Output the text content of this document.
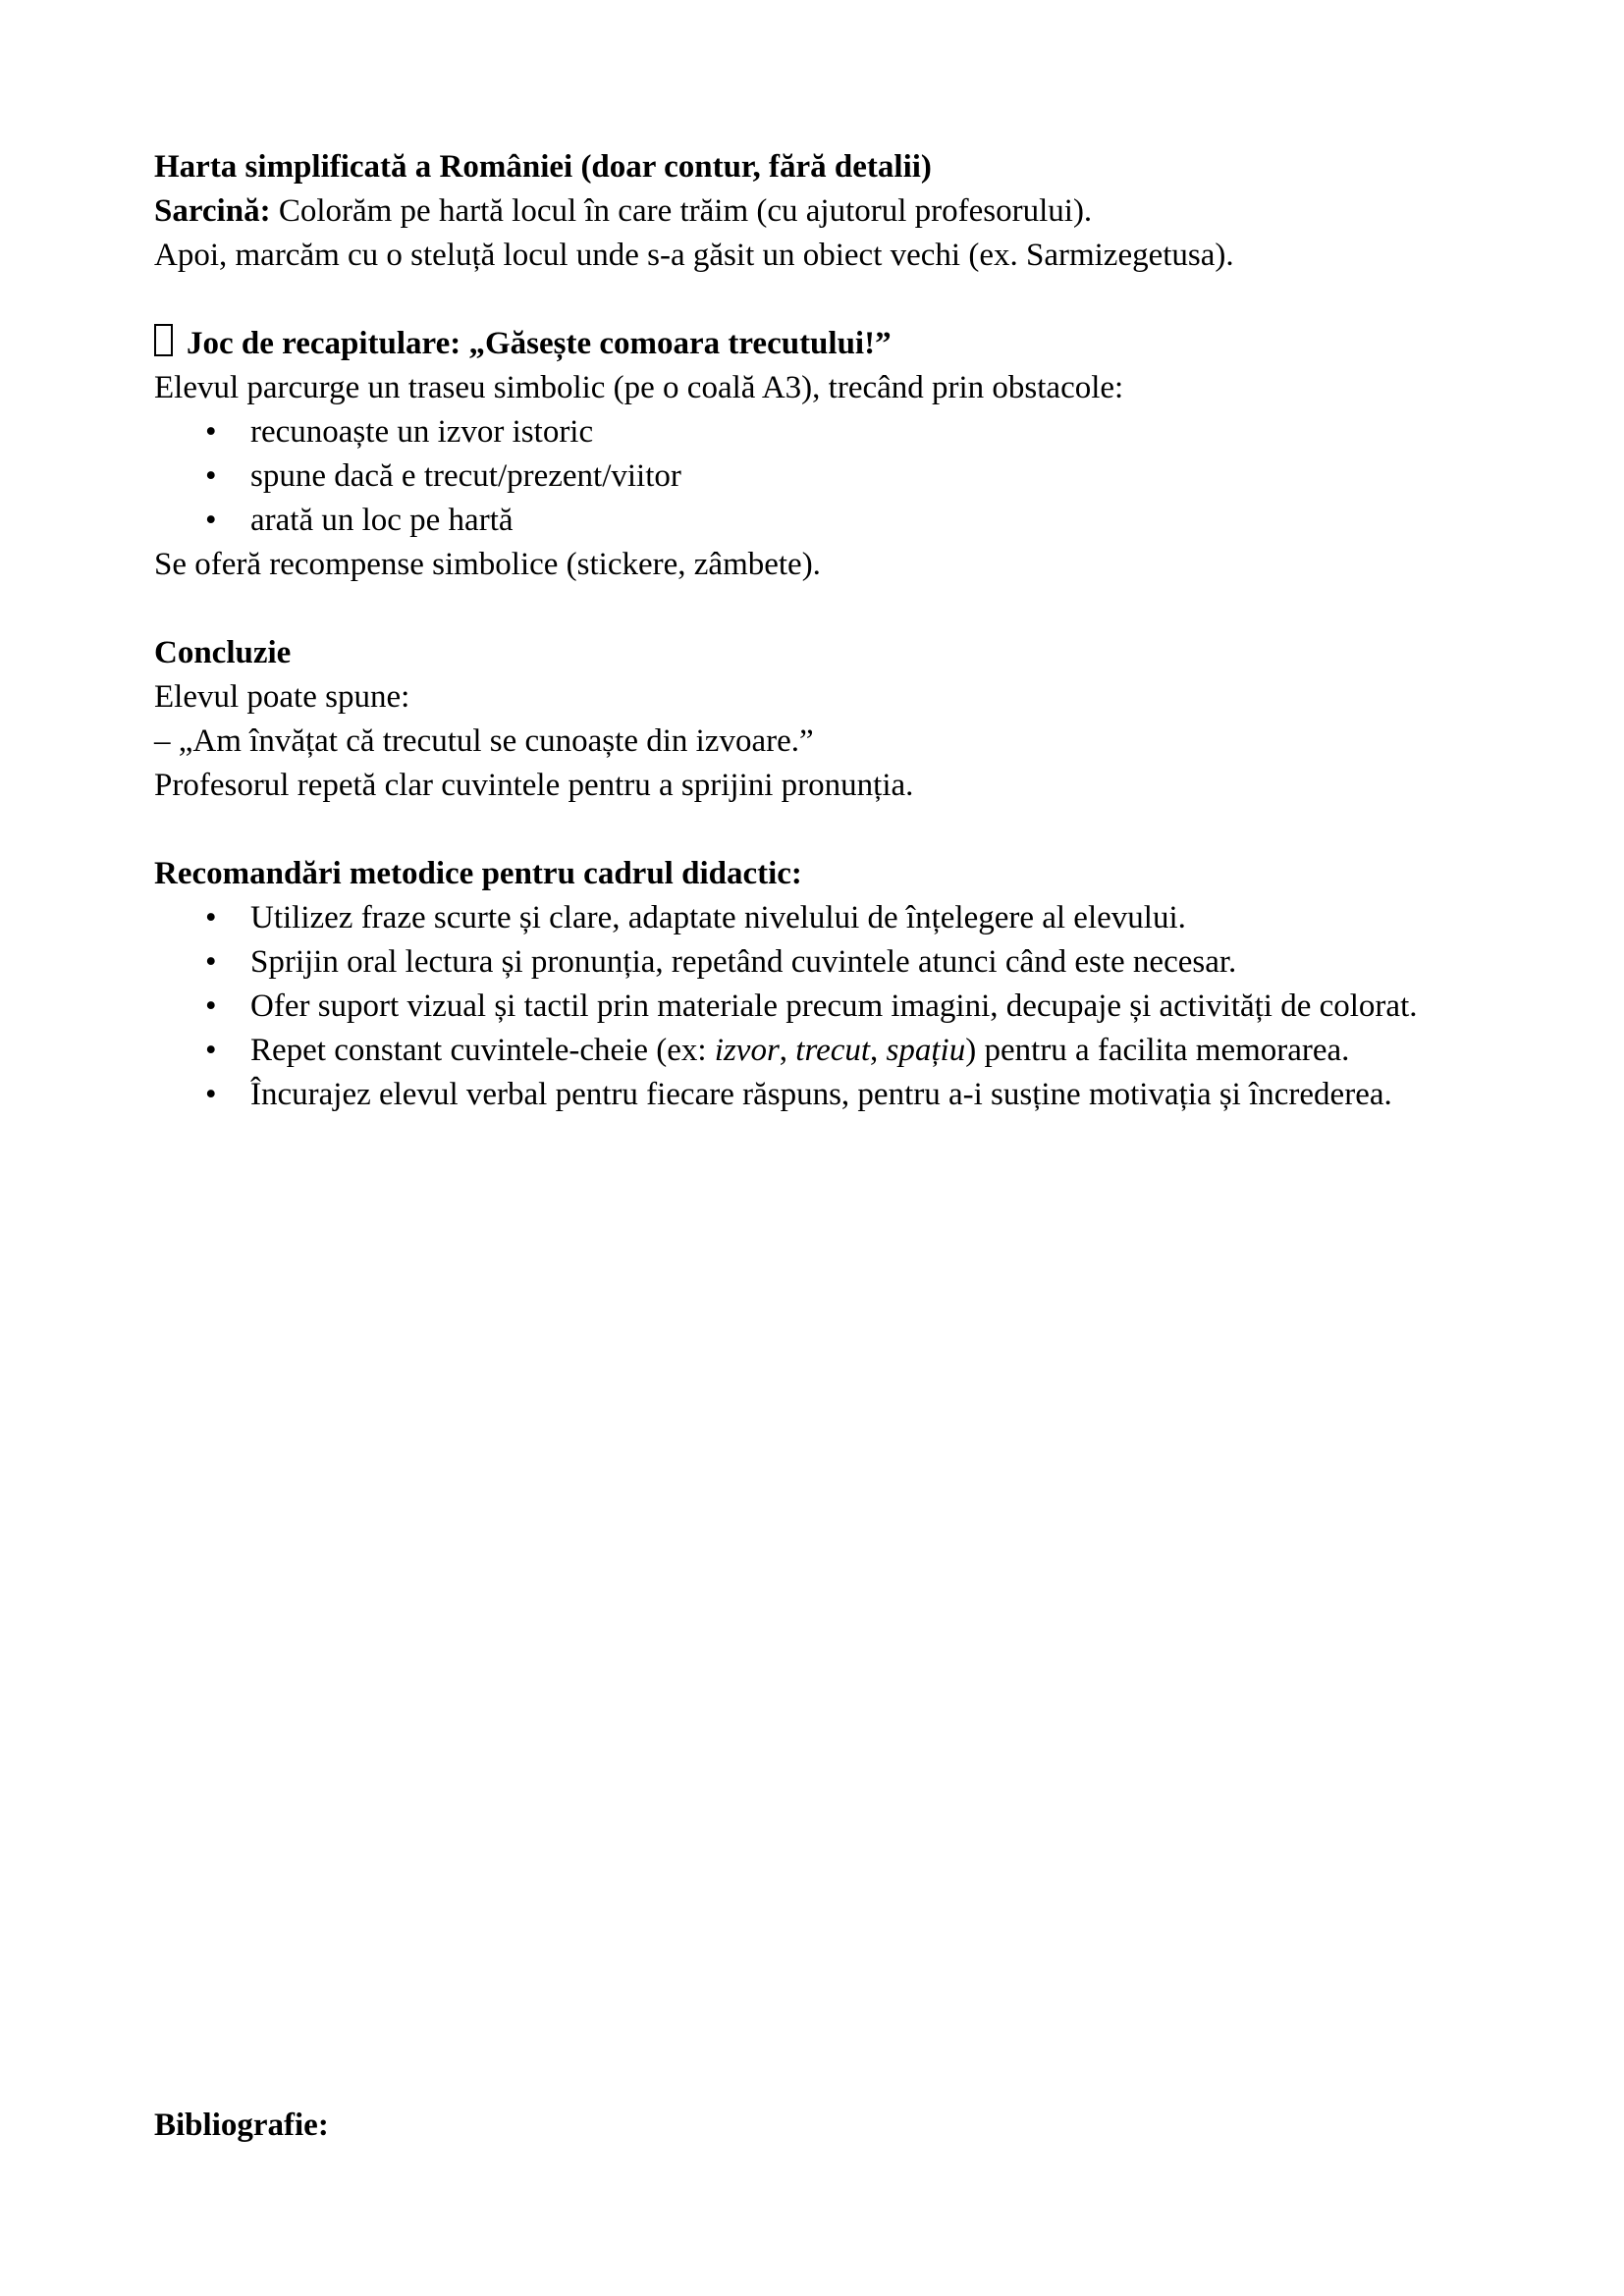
Harta simplificată a României (doar contur, fără detalii)
Sarcină: Colorăm pe hartă locul în care trăim (cu ajutorul profesorului).
Apoi, marcăm cu o steluță locul unde s-a găsit un obiect vechi (ex. Sarmizegetusa).
Joc de recapitulare: „Găsește comoara trecutului!”
Elevul parcurge un traseu simbolic (pe o coală A3), trecând prin obstacole:
• recunoaște un izvor istoric
• spune dacă e trecut/prezent/viitor
• arată un loc pe hartă
Se oferă recompense simbolice (stickere, zâmbete).
Concluzie
Elevul poate spune:
– „Am învățat că trecutul se cunoaște din izvoare.”
Profesorul repetă clar cuvintele pentru a sprijini pronunția.
Recomandări metodice pentru cadrul didactic:
• Utilizez fraze scurte și clare, adaptate nivelului de înțelegere al elevului.
• Sprijin oral lectura și pronunția, repetând cuvintele atunci când este necesar.
• Ofer suport vizual și tactil prin materiale precum imagini, decupaje și activități de colorat.
• Repet constant cuvintele-cheie (ex: izvor, trecut, spațiu) pentru a facilita memorarea.
• Încurajez elevul verbal pentru fiecare răspuns, pentru a-i susține motivația și încrederea.
Bibliografie:
